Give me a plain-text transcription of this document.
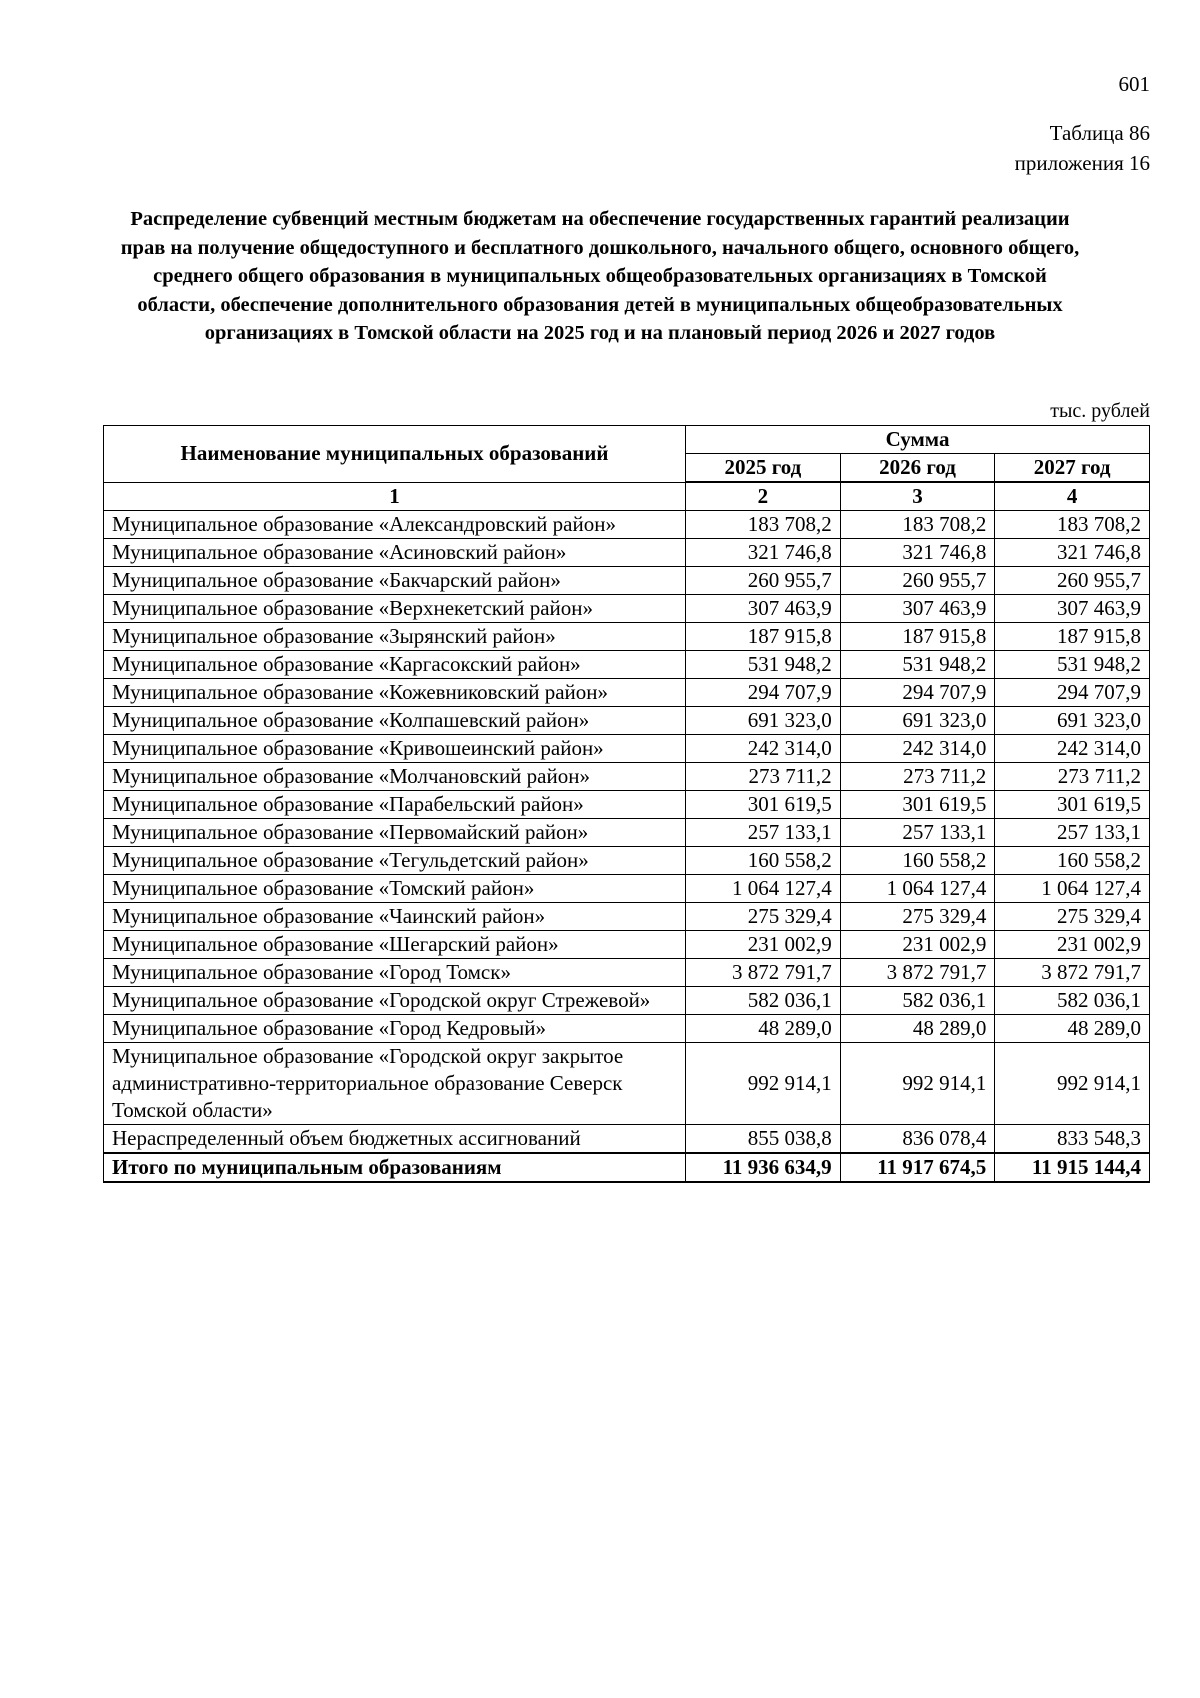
601
Таблица 86
приложения 16
Распределение субвенций местным бюджетам на обеспечение государственных гарантий реализации прав на получение общедоступного и бесплатного дошкольного, начального общего, основного общего, среднего общего образования в муниципальных общеобразовательных организациях в Томской области, обеспечение дополнительного образования детей в муниципальных общеобразовательных организациях в Томской области на 2025 год и на плановый период 2026 и 2027 годов
тыс. рублей
Наименование муниципальных образований	Сумма		
	2025 год	2026 год	2027 год
1	2	3	4
Муниципальное образование «Александровский район»	183 708,2	183 708,2	183 708,2
Муниципальное образование «Асиновский район»	321 746,8	321 746,8	321 746,8
Муниципальное образование «Бакчарский район»	260 955,7	260 955,7	260 955,7
Муниципальное образование «Верхнекетский район»	307 463,9	307 463,9	307 463,9
Муниципальное образование «Зырянский район»	187 915,8	187 915,8	187 915,8
Муниципальное образование «Каргасокский район»	531 948,2	531 948,2	531 948,2
Муниципальное образование «Кожевниковский район»	294 707,9	294 707,9	294 707,9
Муниципальное образование «Колпашевский район»	691 323,0	691 323,0	691 323,0
Муниципальное образование «Кривошеинский район»	242 314,0	242 314,0	242 314,0
Муниципальное образование «Молчановский район»	273 711,2	273 711,2	273 711,2
Муниципальное образование «Парабельский район»	301 619,5	301 619,5	301 619,5
Муниципальное образование «Первомайский район»	257 133,1	257 133,1	257 133,1
Муниципальное образование «Тегульдетский район»	160 558,2	160 558,2	160 558,2
Муниципальное образование «Томский район»	1 064 127,4	1 064 127,4	1 064 127,4
Муниципальное образование «Чаинский район»	275 329,4	275 329,4	275 329,4
Муниципальное образование «Шегарский район»	231 002,9	231 002,9	231 002,9
Муниципальное образование «Город Томск»	3 872 791,7	3 872 791,7	3 872 791,7
Муниципальное образование «Городской округ Стрежевой»	582 036,1	582 036,1	582 036,1
Муниципальное образование «Город Кедровый»	48 289,0	48 289,0	48 289,0
Муниципальное образование «Городской округ закрытое административно-территориальное образование Северск Томской области»	992 914,1	992 914,1	992 914,1
Нераспределенный объем бюджетных ассигнований	855 038,8	836 078,4	833 548,3
Итого по муниципальным образованиям	11 936 634,9	11 917 674,5	11 915 144,4
